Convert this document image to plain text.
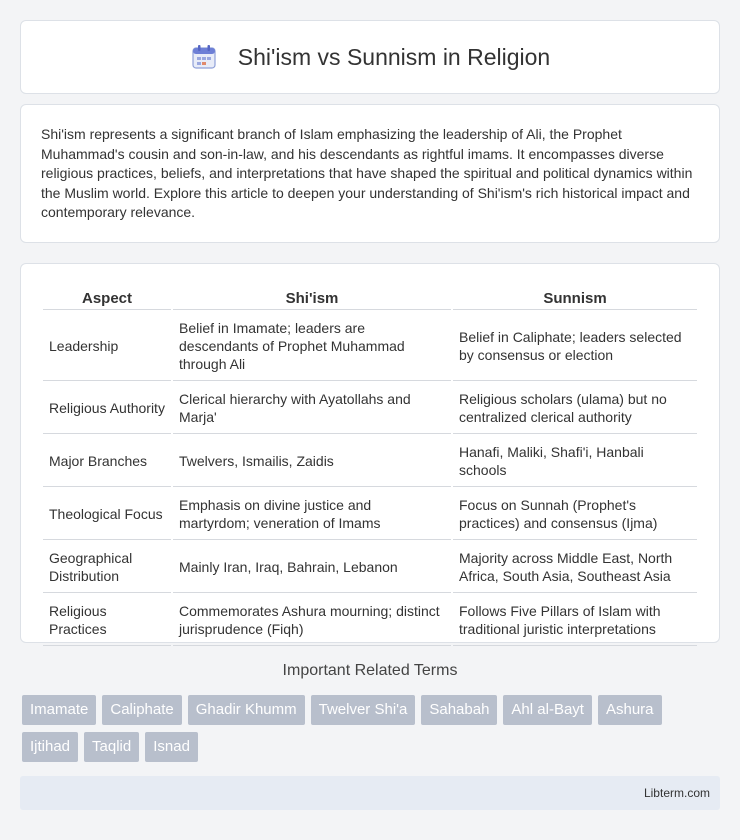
Shi'ism vs Sunnism in Religion

Shi'ism represents a significant branch of Islam emphasizing the leadership of Ali, the Prophet Muhammad's cousin and son-in-law, and his descendants as rightful imams. It encompasses diverse religious practices, beliefs, and interpretations that have shaped the spiritual and political dynamics within the Muslim world. Explore this article to deepen your understanding of Shi'ism's rich historical impact and contemporary relevance.

Aspect	Shi'ism	Sunnism
Leadership	Belief in Imamate; leaders are descendants of Prophet Muhammad through Ali	Belief in Caliphate; leaders selected by consensus or election
Religious Authority	Clerical hierarchy with Ayatollahs and Marja'	Religious scholars (ulama) but no centralized clerical authority
Major Branches	Twelvers, Ismailis, Zaidis	Hanafi, Maliki, Shafi'i, Hanbali schools
Theological Focus	Emphasis on divine justice and martyrdom; veneration of Imams	Focus on Sunnah (Prophet's practices) and consensus (Ijma)
Geographical Distribution	Mainly Iran, Iraq, Bahrain, Lebanon	Majority across Middle East, North Africa, South Asia, Southeast Asia
Religious Practices	Commemorates Ashura mourning; distinct jurisprudence (Fiqh)	Follows Five Pillars of Islam with traditional juristic interpretations
Important Related Terms
Imamate	Caliphate	Ghadir Khumm	Twelver Shi'a	Sahabah	Ahl al-Bayt	Ashura
Ijtihad	Taqlid	Isnad
Libterm.com
